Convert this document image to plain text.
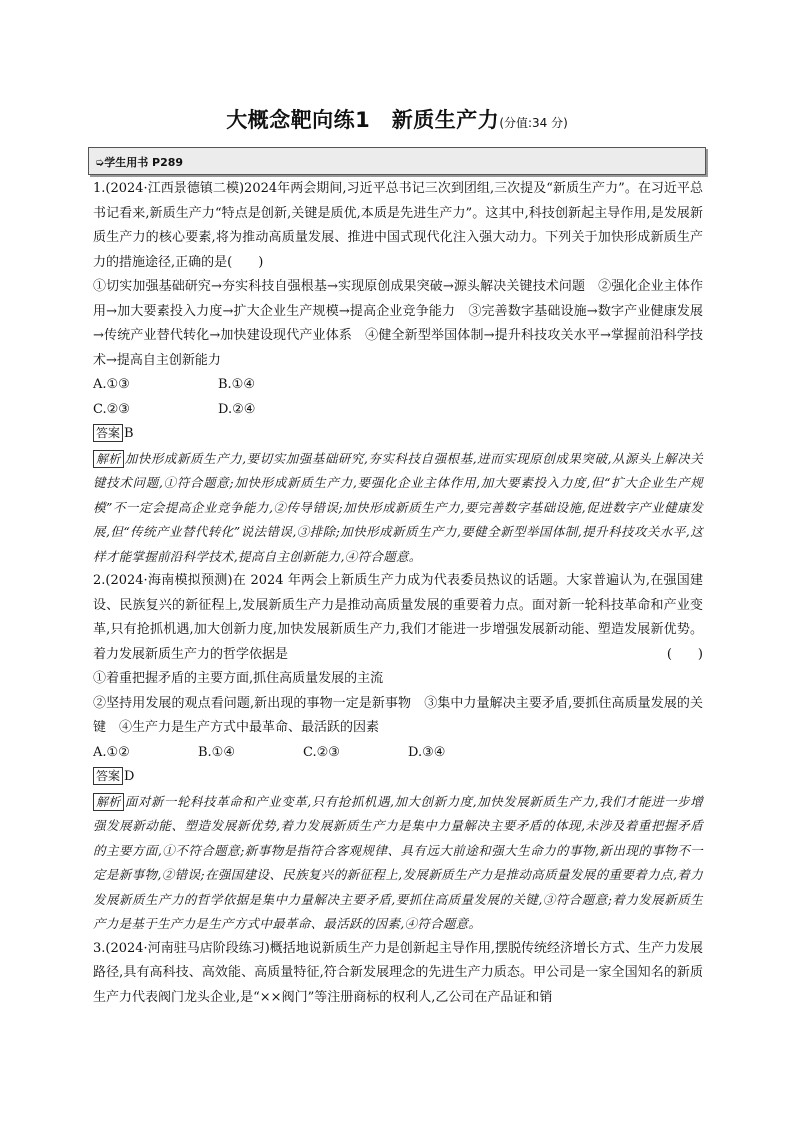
大概念靶向练1　新质生产力(分值:34 分)
➭学生用书 P289

1.(2024·江西景德镇二模)2024年两会期间,习近平总书记三次到团组,三次提及“新质生产力”。在习近平总书记看来,新质生产力“特点是创新,关键是质优,本质是先进生产力”。这其中,科技创新起主导作用,是发展新质生产力的核心要素,将为推动高质量发展、推进中国式现代化注入强大动力。下列关于加快形成新质生产力的措施途径,正确的是(　　)

①切实加强基础研究→夯实科技自强根基→实现原创成果突破→源头解决关键技术问题　②强化企业主体作用→加大要素投入力度→扩大企业生产规模→提高企业竞争能力　③完善数字基础设施→数字产业健康发展→传统产业替代转化→加快建设现代产业体系　④健全新型举国体制→提升科技攻关水平→掌握前沿科学技术→提高自主创新能力

A.①③	B.①④
C.②③	D.②④

答案 B

解析 加快形成新质生产力,要切实加强基础研究,夯实科技自强根基,进而实现原创成果突破,从源头上解决关键技术问题,①符合题意;加快形成新质生产力,要强化企业主体作用,加大要素投入力度,但“扩大企业生产规模”不一定会提高企业竞争能力,②传导错误;加快形成新质生产力,要完善数字基础设施,促进数字产业健康发展,但“传统产业替代转化”说法错误,③排除;加快形成新质生产力,要健全新型举国体制,提升科技攻关水平,这样才能掌握前沿科学技术,提高自主创新能力,④符合题意。

2.(2024·海南模拟预测)在 2024 年两会上新质生产力成为代表委员热议的话题。大家普遍认为,在强国建设、民族复兴的新征程上,发展新质生产力是推动高质量发展的重要着力点。面对新一轮科技革命和产业变革,只有抢抓机遇,加大创新力度,加快发展新质生产力,我们才能进一步增强发展新动能、塑造发展新优势。着力发展新质生产力的哲学依据是	(　　)

①着重把握矛盾的主要方面,抓住高质量发展的主流

②坚持用发展的观点看问题,新出现的事物一定是新事物　③集中力量解决主要矛盾,要抓住高质量发展的关键　④生产力是生产方式中最革命、最活跃的因素

A.①②	B.①④	C.②③	D.③④

答案 D

解析 面对新一轮科技革命和产业变革,只有抢抓机遇,加大创新力度,加快发展新质生产力,我们才能进一步增强发展新动能、塑造发展新优势,着力发展新质生产力是集中力量解决主要矛盾的体现,未涉及着重把握矛盾的主要方面,①不符合题意;新事物是指符合客观规律、具有远大前途和强大生命力的事物,新出现的事物不一定是新事物,②错误;在强国建设、民族复兴的新征程上,发展新质生产力是推动高质量发展的重要着力点,着力发展新质生产力的哲学依据是集中力量解决主要矛盾,要抓住高质量发展的关键,③符合题意;着力发展新质生产力是基于生产力是生产方式中最革命、最活跃的因素,④符合题意。

3.(2024·河南驻马店阶段练习)概括地说新质生产力是创新起主导作用,摆脱传统经济增长方式、生产力发展路径,具有高科技、高效能、高质量特征,符合新发展理念的先进生产力质态。甲公司是一家全国知名的新质生产力代表阀门龙头企业,是“××阀门”等注册商标的权利人,乙公司在产品证和销
